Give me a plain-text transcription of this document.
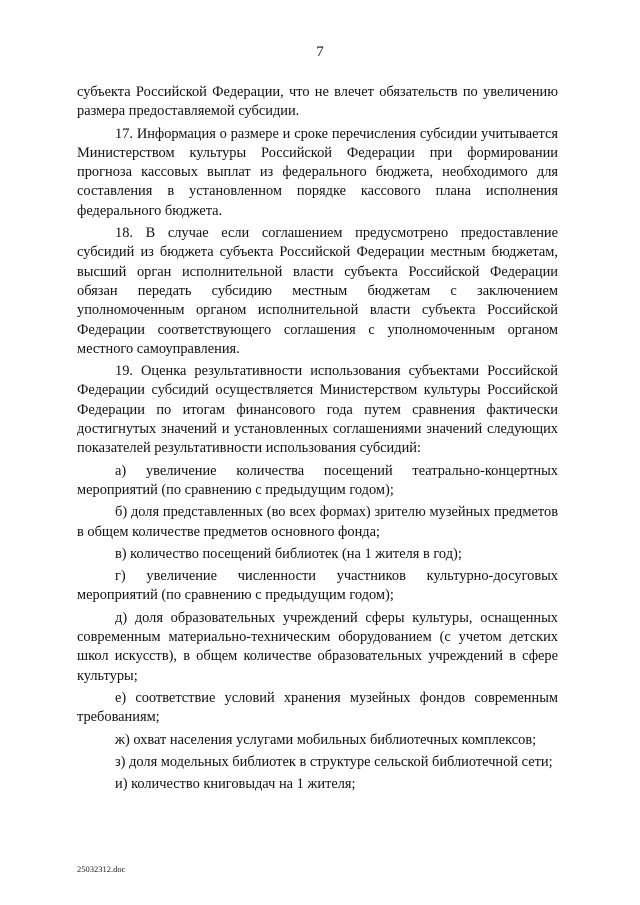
7

субъекта Российской Федерации, что не влечет обязательств по увеличению размера предоставляемой субсидии.

17. Информация о размере и сроке перечисления субсидии учитывается Министерством культуры Российской Федерации при формировании прогноза кассовых выплат из федерального бюджета, необходимого для составления в установленном порядке кассового плана исполнения федерального бюджета.

18. В случае если соглашением предусмотрено предоставление субсидий из бюджета субъекта Российской Федерации местным бюджетам, высший орган исполнительной власти субъекта Российской Федерации обязан передать субсидию местным бюджетам с заключением уполномоченным органом исполнительной власти субъекта Российской Федерации соответствующего соглашения с уполномоченным органом местного самоуправления.

19. Оценка результативности использования субъектами Российской Федерации субсидий осуществляется Министерством культуры Российской Федерации по итогам финансового года путем сравнения фактически достигнутых значений и установленных соглашениями значений следующих показателей результативности использования субсидий:

а) увеличение количества посещений театрально-концертных мероприятий (по сравнению с предыдущим годом);

б) доля представленных (во всех формах) зрителю музейных предметов в общем количестве предметов основного фонда;

в) количество посещений библиотек (на 1 жителя в год);

г) увеличение численности участников культурно-досуговых мероприятий (по сравнению с предыдущим годом);

д) доля образовательных учреждений сферы культуры, оснащенных современным материально-техническим оборудованием (с учетом детских школ искусств), в общем количестве образовательных учреждений в сфере культуры;

е) соответствие условий хранения музейных фондов современным требованиям;

ж) охват населения услугами мобильных библиотечных комплексов;

з) доля модельных библиотек в структуре сельской библиотечной сети;

и) количество книговыдач на 1 жителя;

25032312.doc
